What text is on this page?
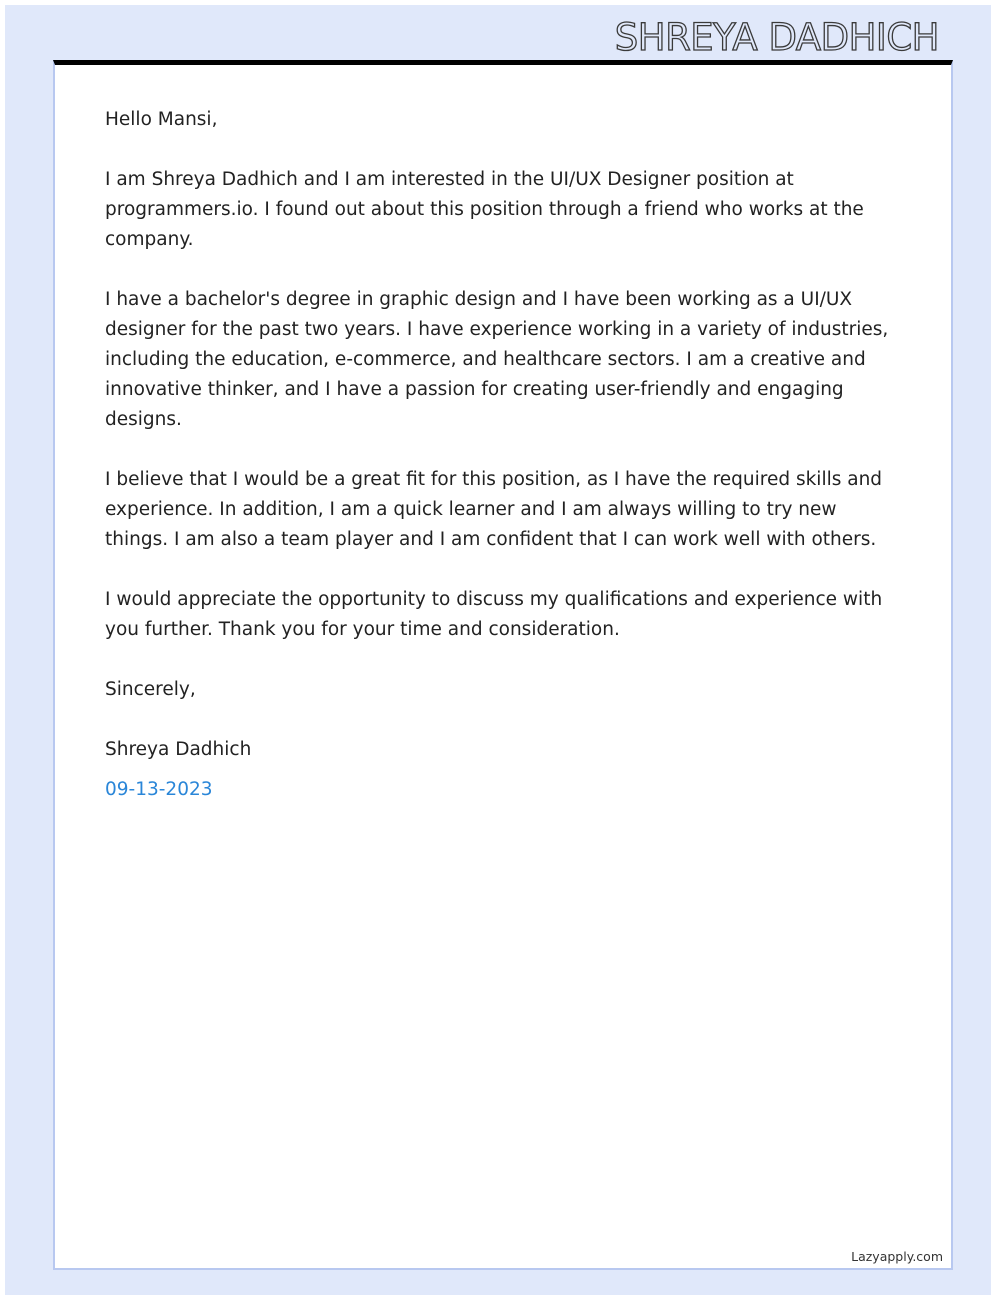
SHREYA DADHICH

Hello Mansi,

I am Shreya Dadhich and I am interested in the UI/UX Designer position at programmers.io. I found out about this position through a friend who works at the company.

I have a bachelor's degree in graphic design and I have been working as a UI/UX designer for the past two years. I have experience working in a variety of industries, including the education, e-commerce, and healthcare sectors. I am a creative and innovative thinker, and I have a passion for creating user-friendly and engaging designs.

I believe that I would be a great fit for this position, as I have the required skills and experience. In addition, I am a quick learner and I am always willing to try new things. I am also a team player and I am confident that I can work well with others.

I would appreciate the opportunity to discuss my qualifications and experience with you further. Thank you for your time and consideration.

Sincerely,

Shreya Dadhich

09-13-2023

Lazyapply.com
